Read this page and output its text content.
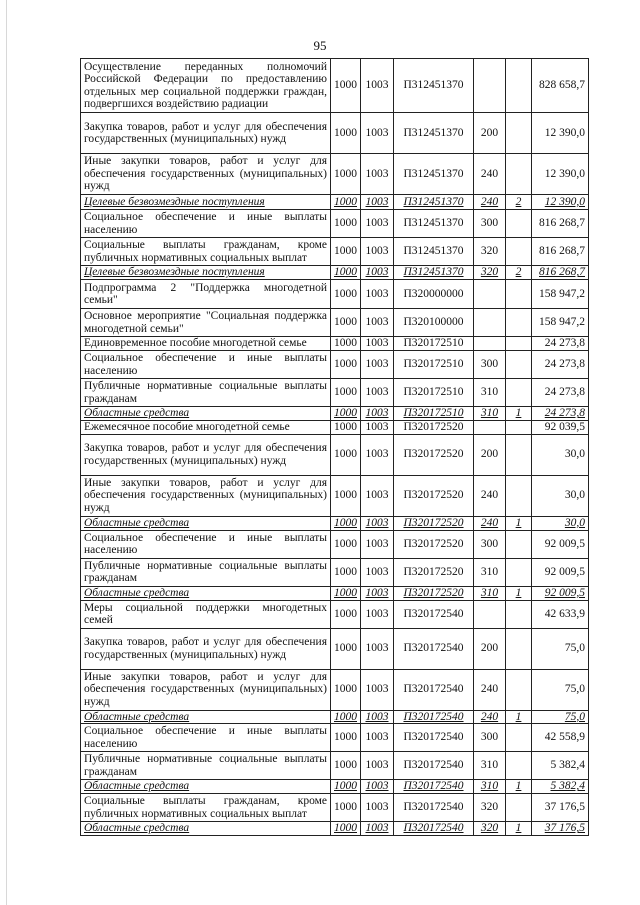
95
Осуществление переданных полномочий Российской Федерации по предоставлению отдельных мер социальной поддержки граждан, подвергшихся воздействию радиации	1000	1003	П312451370			828 658,7
Закупка товаров, работ и услуг для обеспечения государственных (муниципальных) нужд	1000	1003	П312451370	200		12 390,0
Иные закупки товаров, работ и услуг для обеспечения государственных (муниципальных) нужд	1000	1003	П312451370	240		12 390,0
Целевые безвозмездные поступления	1000	1003	П312451370	240	2	12 390,0
Социальное обеспечение и иные выплаты населению	1000	1003	П312451370	300		816 268,7
Социальные выплаты гражданам, кроме публичных нормативных социальных выплат	1000	1003	П312451370	320		816 268,7
Целевые безвозмездные поступления	1000	1003	П312451370	320	2	816 268,7
Подпрограмма 2 "Поддержка многодетной семьи"	1000	1003	П320000000			158 947,2
Основное мероприятие "Социальная поддержка многодетной семьи"	1000	1003	П320100000			158 947,2
Единовременное пособие многодетной семье	1000	1003	П320172510			24 273,8
Социальное обеспечение и иные выплаты населению	1000	1003	П320172510	300		24 273,8
Публичные нормативные социальные выплаты гражданам	1000	1003	П320172510	310		24 273,8
Областные средства	1000	1003	П320172510	310	1	24 273,8
Ежемесячное пособие многодетной семье	1000	1003	П320172520			92 039,5
Закупка товаров, работ и услуг для обеспечения государственных (муниципальных) нужд	1000	1003	П320172520	200		30,0
Иные закупки товаров, работ и услуг для обеспечения государственных (муниципальных) нужд	1000	1003	П320172520	240		30,0
Областные средства	1000	1003	П320172520	240	1	30,0
Социальное обеспечение и иные выплаты населению	1000	1003	П320172520	300		92 009,5
Публичные нормативные социальные выплаты гражданам	1000	1003	П320172520	310		92 009,5
Областные средства	1000	1003	П320172520	310	1	92 009,5
Меры социальной поддержки многодетных семей	1000	1003	П320172540			42 633,9
Закупка товаров, работ и услуг для обеспечения государственных (муниципальных) нужд	1000	1003	П320172540	200		75,0
Иные закупки товаров, работ и услуг для обеспечения государственных (муниципальных) нужд	1000	1003	П320172540	240		75,0
Областные средства	1000	1003	П320172540	240	1	75,0
Социальное обеспечение и иные выплаты населению	1000	1003	П320172540	300		42 558,9
Публичные нормативные социальные выплаты гражданам	1000	1003	П320172540	310		5 382,4
Областные средства	1000	1003	П320172540	310	1	5 382,4
Социальные выплаты гражданам, кроме публичных нормативных социальных выплат	1000	1003	П320172540	320		37 176,5
Областные средства	1000	1003	П320172540	320	1	37 176,5
